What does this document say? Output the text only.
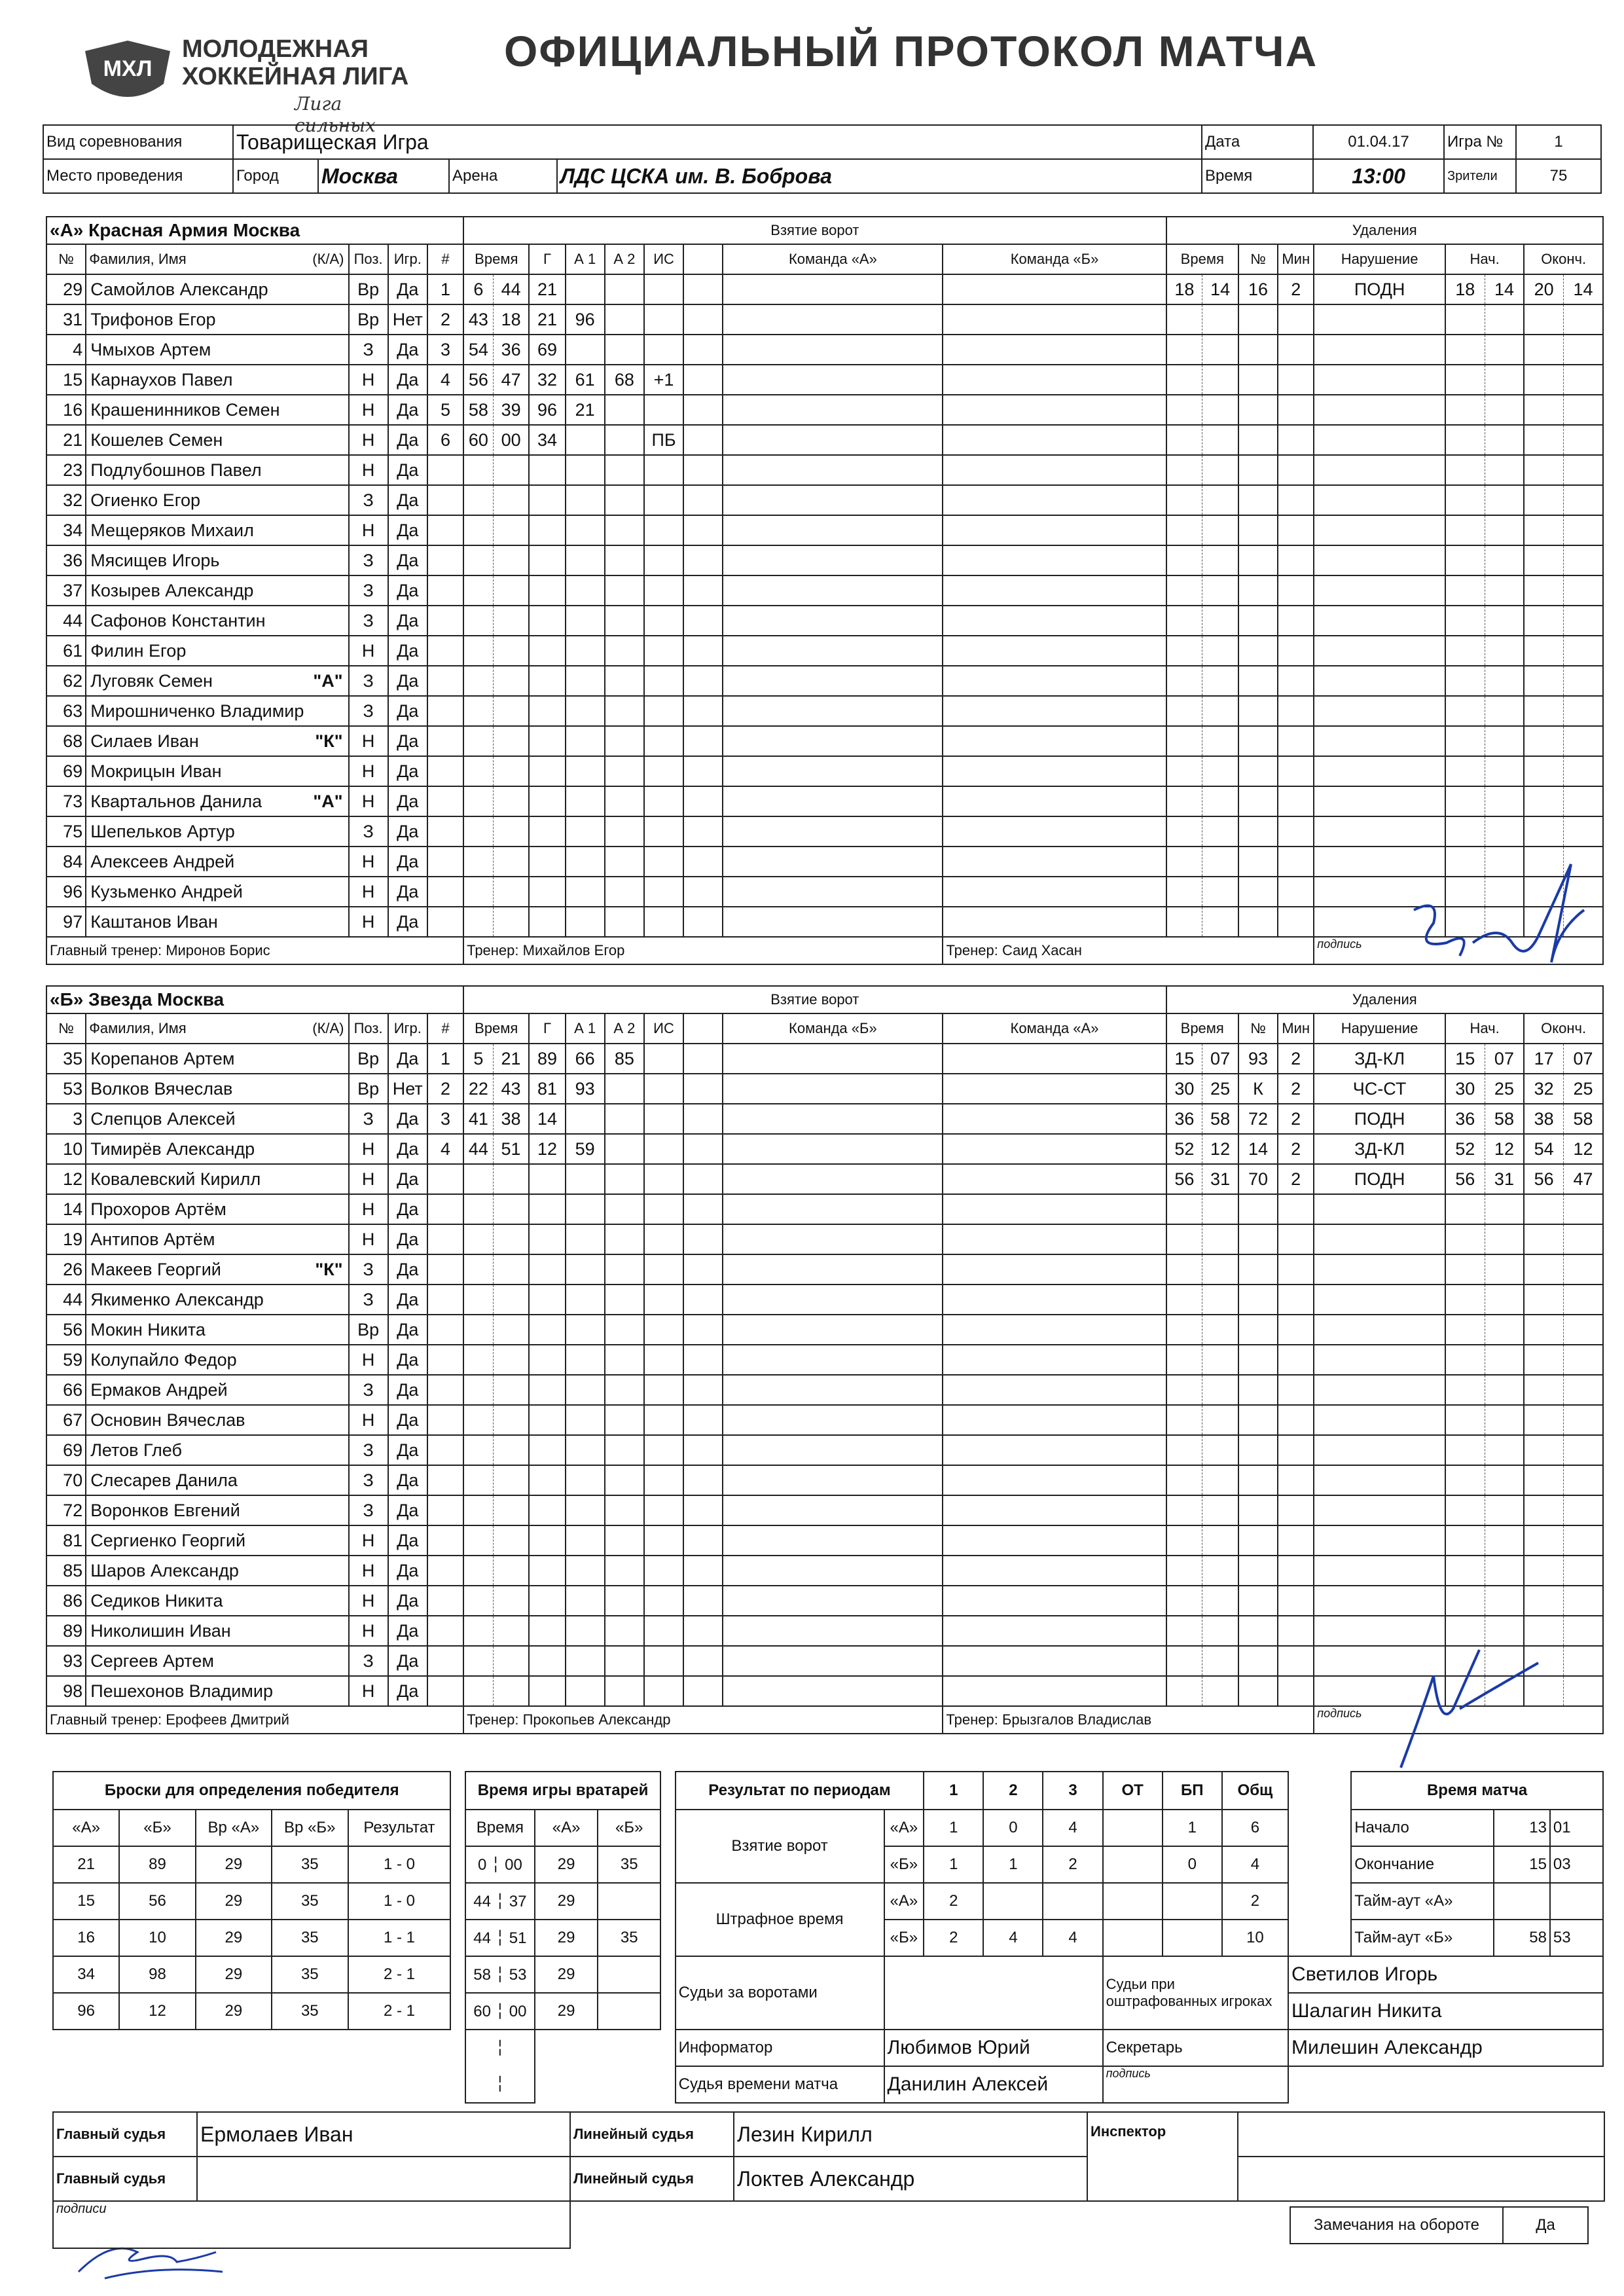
МХЛ
МОЛОДЕЖНАЯ
ХОККЕЙНАЯ ЛИГА
Лига сильных
ОФИЦИАЛЬНЫЙ ПРОТОКОЛ МАТЧА
Вид соревнования	Товарищеская Игра				Дата	01.04.17	Игра №	1
Место проведения	Город	Москва	Арена	ЛДС ЦСКА им. В. Боброва	Время	13:00	Зрители	75
«А» Красная Армия Москва					Взятие ворот									Удаления								
№	Фамилия, Имя (К/А)	Поз.	Игр.	#	Время		Г	А 1	А 2	ИС		Команда «А»	Команда «Б»	Время		№	Мин	Нарушение	Нач.		Оконч.	
29	Самойлов Александр	Вр	Да	1	6	44	21							18	14	16	2	ПОДН	18	14	20	14
31	Трифонов Егор	Вр	Нет	2	43	18	21	96														
4	Чмыхов Артем	З	Да	3	54	36	69															
15	Карнаухов Павел	Н	Да	4	56	47	32	61	68	+1												
16	Крашенинников Семен	Н	Да	5	58	39	96	21														
21	Кошелев Семен	Н	Да	6	60	00	34			ПБ												
23	Подлубошнов Павел	Н	Да																			
32	Огиенко Егор	З	Да																			
34	Мещеряков Михаил	Н	Да																			
36	Мясищев Игорь	З	Да																			
37	Козырев Александр	З	Да																			
44	Сафонов Константин	З	Да																			
61	Филин Егор	Н	Да																			
62	Луговяк Семен "А"	З	Да																			
63	Мирошниченко Владимир	З	Да																			
68	Силаев Иван "К"	Н	Да																			
69	Мокрицын Иван	Н	Да																			
73	Квартальнов Данила "А"	Н	Да																			
75	Шепельков Артур	З	Да																			
84	Алексеев Андрей	Н	Да																			
96	Кузьменко Андрей	Н	Да																			
97	Каштанов Иван	Н	Да																			
Главный тренер: Миронов Борис					Тренер: Михайлов Егор								Тренер: Саид Хасан					подпись				
«Б» Звезда Москва					Взятие ворот									Удаления								
№	Фамилия, Имя (К/А)	Поз.	Игр.	#	Время		Г	А 1	А 2	ИС		Команда «Б»	Команда «А»	Время		№	Мин	Нарушение	Нач.		Оконч.	
35	Корепанов Артем	Вр	Да	1	5	21	89	66	85					15	07	93	2	ЗД-КЛ	15	07	17	07
53	Волков Вячеслав	Вр	Нет	2	22	43	81	93						30	25	К	2	ЧС-СТ	30	25	32	25
3	Слепцов Алексей	З	Да	3	41	38	14							36	58	72	2	ПОДН	36	58	38	58
10	Тимирёв Александр	Н	Да	4	44	51	12	59						52	12	14	2	ЗД-КЛ	52	12	54	12
12	Ковалевский Кирилл	Н	Да											56	31	70	2	ПОДН	56	31	56	47
14	Прохоров Артём	Н	Да																			
19	Антипов Артём	Н	Да																			
26	Макеев Георгий "К"	З	Да																			
44	Якименко Александр	З	Да																			
56	Мокин Никита	Вр	Да																			
59	Колупайло Федор	Н	Да																			
66	Ермаков Андрей	З	Да																			
67	Основин Вячеслав	Н	Да																			
69	Летов Глеб	З	Да																			
70	Слесарев Данила	З	Да																			
72	Воронков Евгений	З	Да																			
81	Сергиенко Георгий	Н	Да																			
85	Шаров Александр	Н	Да																			
86	Седиков Никита	Н	Да																			
89	Николишин Иван	Н	Да																			
93	Сергеев Артем	З	Да																			
98	Пешехонов Владимир	Н	Да																			
Главный тренер: Ерофеев Дмитрий					Тренер: Прокопьев Александр								Тренер: Брызгалов Владислав					подпись				
Броски для определения победителя						Время игры вратарей				Результат по периодам		1	2	3	ОТ	БП	Общ		Время матча		
«А»	«Б»	Вр «А»	Вр «Б»	Результат		Время	«А»	«Б»		Взятие ворот	«А»	1	0	4		1	6		Начало	13	01
21	89	29	35	1 - 0		0 ╎ 00	29	35			«Б»	1	1	2		0	4		Окончание	15	03
15	56	29	35	1 - 0		44 ╎ 37	29			Штрафное время	«А»	2					2		Тайм-аут «А»		
16	10	29	35	1 - 1		44 ╎ 51	29	35			«Б»	2	4	4			10		Тайм-аут «Б»	58	53
34	98	29	35	2 - 1		58 ╎ 53	29			Судьи за воротами					Судьи при оштрафованных игроках			Светилов Игорь			
96	12	29	35	2 - 1		60 ╎ 00	29											Шалагин Никита			
						╎				Информатор	Любимов Юрий				Секретарь			Милешин Александр			
						╎				Судья времени матча	Данилин Алексей				подпись						
Главный судья	Ермолаев Иван	Линейный судья	Лезин Кирилл	Инспектор	
Главный судья		Линейный судья	Локтев Александр		
подписи					
Замечания на обороте	Да
